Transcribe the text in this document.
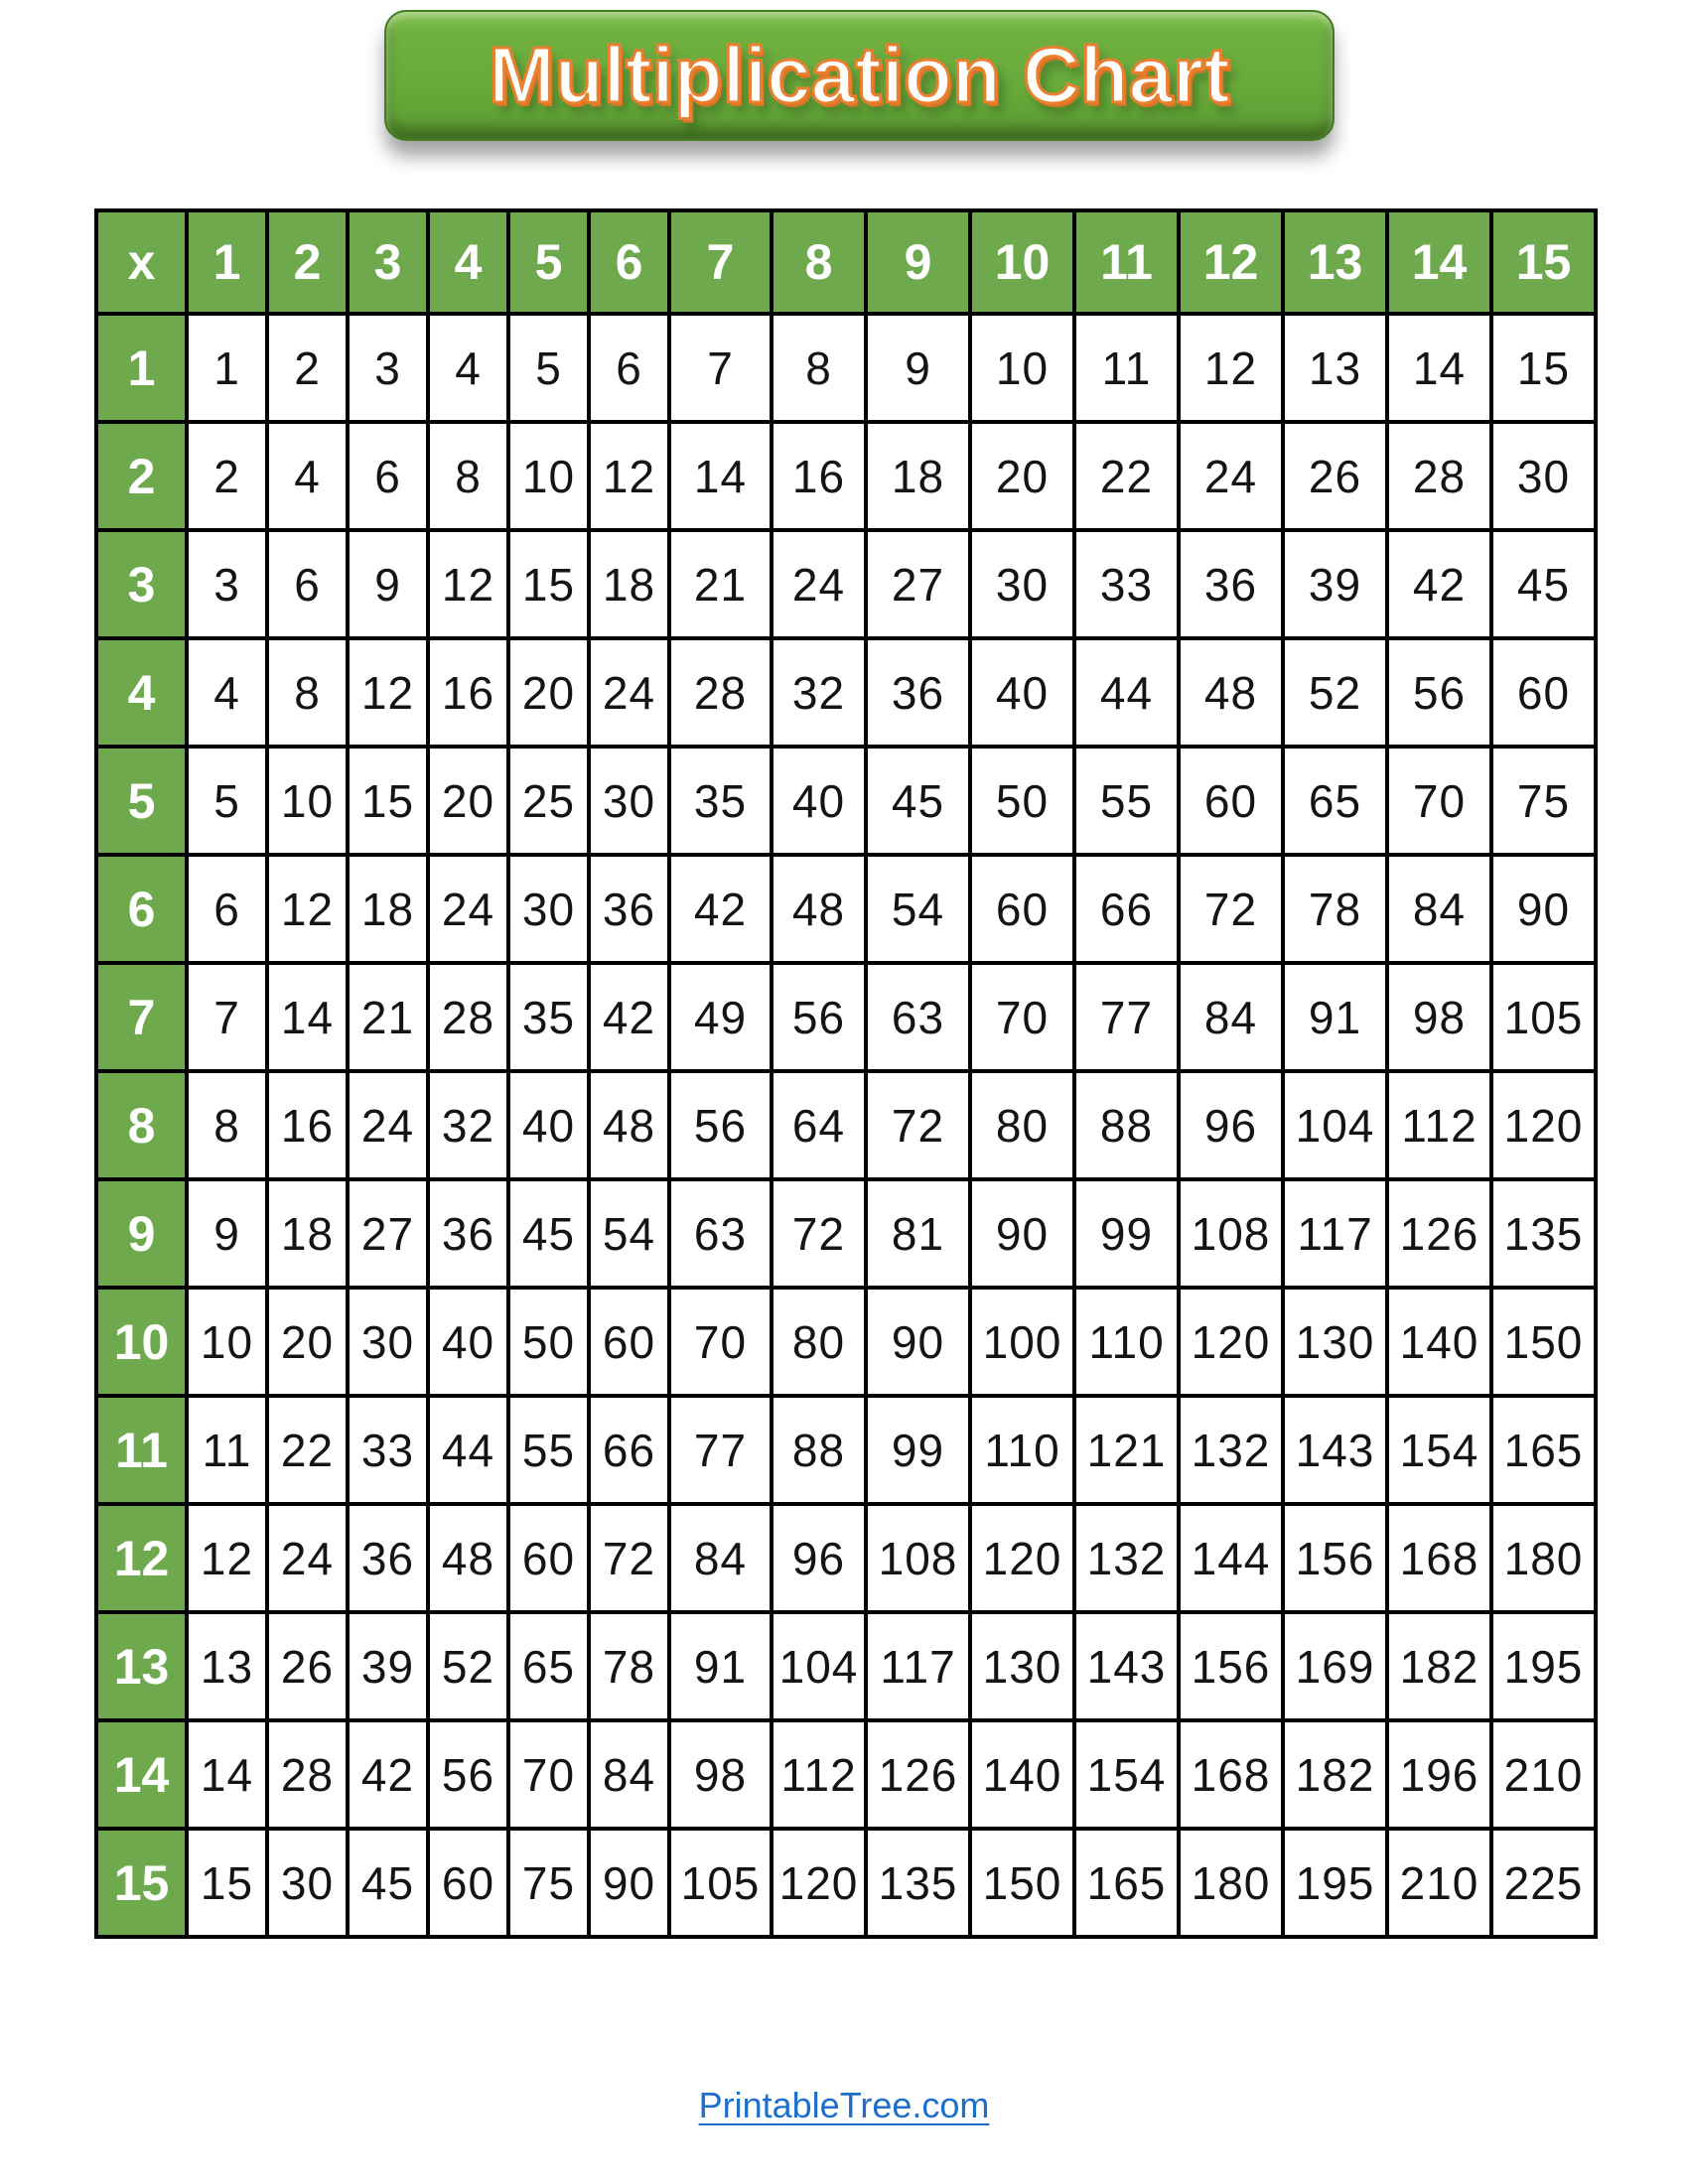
Multiplication Chart
x	1	2	3	4	5	6	7	8	9	10	11	12	13	14	15
1	1	2	3	4	5	6	7	8	9	10	11	12	13	14	15
2	2	4	6	8	10	12	14	16	18	20	22	24	26	28	30
3	3	6	9	12	15	18	21	24	27	30	33	36	39	42	45
4	4	8	12	16	20	24	28	32	36	40	44	48	52	56	60
5	5	10	15	20	25	30	35	40	45	50	55	60	65	70	75
6	6	12	18	24	30	36	42	48	54	60	66	72	78	84	90
7	7	14	21	28	35	42	49	56	63	70	77	84	91	98	105
8	8	16	24	32	40	48	56	64	72	80	88	96	104	112	120
9	9	18	27	36	45	54	63	72	81	90	99	108	117	126	135
10	10	20	30	40	50	60	70	80	90	100	110	120	130	140	150
11	11	22	33	44	55	66	77	88	99	110	121	132	143	154	165
12	12	24	36	48	60	72	84	96	108	120	132	144	156	168	180
13	13	26	39	52	65	78	91	104	117	130	143	156	169	182	195
14	14	28	42	56	70	84	98	112	126	140	154	168	182	196	210
15	15	30	45	60	75	90	105	120	135	150	165	180	195	210	225
PrintableTree.com
